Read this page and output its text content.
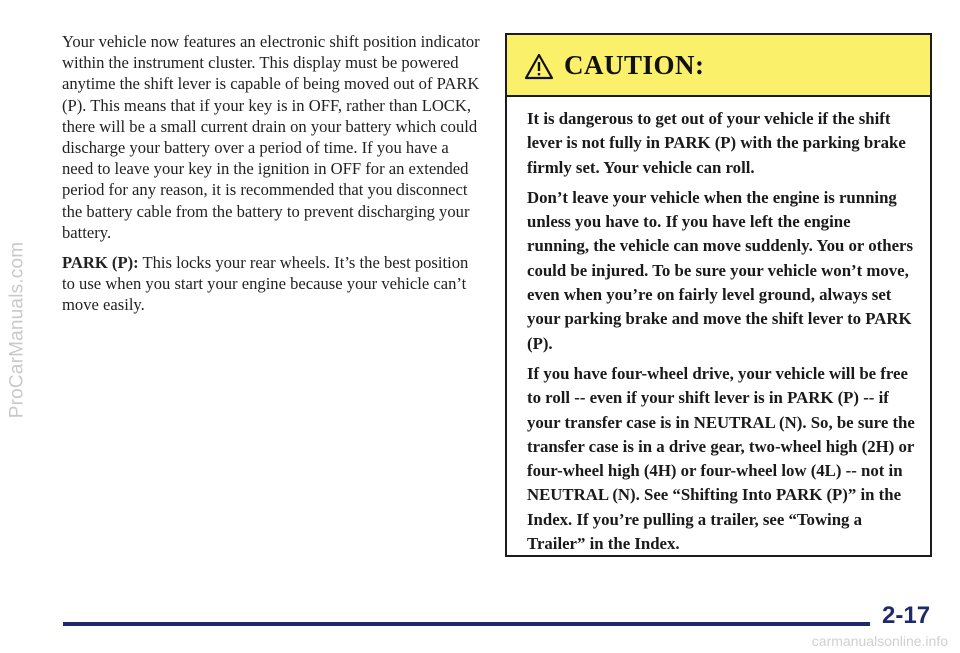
ProCarManuals.com

Your vehicle now features an electronic shift position indicator within the instrument cluster. This display must be powered anytime the shift lever is capable of being moved out of PARK (P). This means that if your key is in OFF, rather than LOCK, there will be a small current drain on your battery which could discharge your battery over a period of time. If you have a need to leave your key in the ignition in OFF for an extended period for any reason, it is recommended that you disconnect the battery cable from the battery to prevent discharging your battery.

PARK (P): This locks your rear wheels. It’s the best position to use when you start your engine because your vehicle can’t move easily.

CAUTION:

It is dangerous to get out of your vehicle if the shift lever is not fully in PARK (P) with the parking brake firmly set. Your vehicle can roll.

Don’t leave your vehicle when the engine is running unless you have to. If you have left the engine running, the vehicle can move suddenly. You or others could be injured. To be sure your vehicle won’t move, even when you’re on fairly level ground, always set your parking brake and move the shift lever to PARK (P).

If you have four-wheel drive, your vehicle will be free to roll -- even if your shift lever is in PARK (P) -- if your transfer case is in NEUTRAL (N). So, be sure the transfer case is in a drive gear, two-wheel high (2H) or four-wheel high (4H) or four-wheel low (4L) -- not in NEUTRAL (N). See “Shifting Into PARK (P)” in the Index. If you’re pulling a trailer, see “Towing a Trailer” in the Index.

2-17
carmanualsonline.info
